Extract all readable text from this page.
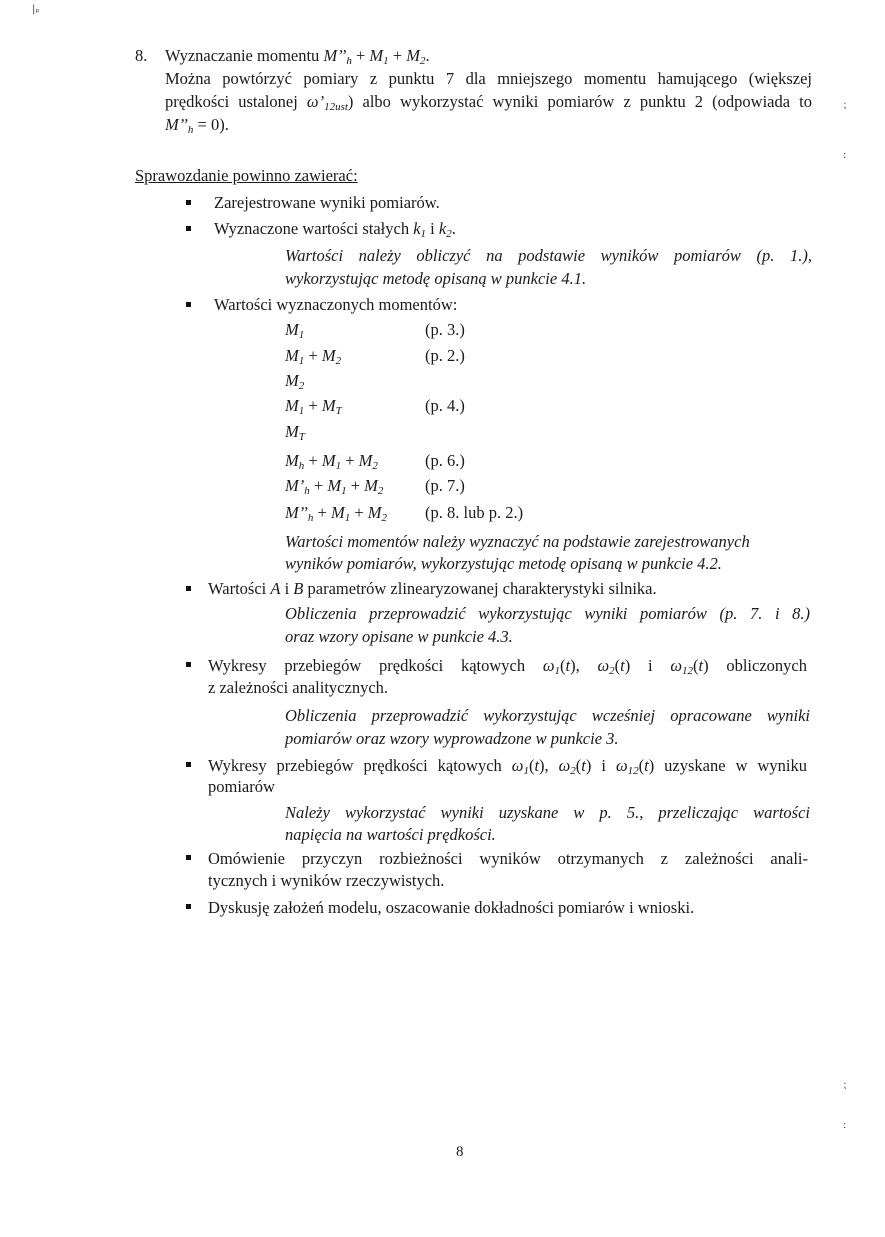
|ₚ
8. Wyznaczanie momentu $M’’_h + M_1 + M_2$.
Można powtórzyć pomiary z punktu 7 dla mniejszego momentu hamującego (większej
prędkości ustalonej $\omega’_{12ust}$) albo wykorzystać wyniki pomiarów z punktu 2 (odpowiada to
$M’’_h = 0$).
Sprawozdanie powinno zawierać:
Zarejestrowane wyniki pomiarów.
Wyznaczone wartości stałych $k_1$ i $k_2$.
Wartości należy obliczyć na podstawie wyników pomiarów (p. 1.),
wykorzystując metodę opisaną w punkcie 4.1.
Wartości wyznaczonych momentów:
$M_1$
$M_1 + M_2$
$M_2$
$M_1 + M_T$
$M_T$
$M_h + M_1 + M_2$
$M’_h + M_1 + M_2$
$M’’_h + M_1 + M_2$
(p. 3.)
(p. 2.)
(p. 4.)
(p. 6.)
(p. 7.)
(p. 8. lub p. 2.)
Wartości momentów należy wyznaczyć na podstawie zarejestrowanych
wyników pomiarów, wykorzystując metodę opisaną w punkcie 4.2.
Wartości A i B parametrów zlinearyzowanej charakterystyki silnika.
Obliczenia przeprowadzić wykorzystując wyniki pomiarów (p. 7. i 8.)
oraz wzory opisane w punkcie 4.3.
Wykresy przebiegów prędkości kątowych $\omega_1(t)$, $\omega_2(t)$ i $\omega_{12}(t)$ obliczonych
z zależności analitycznych.
Obliczenia przeprowadzić wykorzystując wcześniej opracowane wyniki
pomiarów oraz wzory wyprowadzone w punkcie 3.
Wykresy przebiegów prędkości kątowych $\omega_1(t)$, $\omega_2(t)$ i $\omega_{12}(t)$ uzyskane w wyniku
pomiarów
Należy wykorzystać wyniki uzyskane w p. 5., przeliczając wartości
napięcia na wartości prędkości.
Omówienie przyczyn rozbieżności wyników otrzymanych z zależności anali-
tycznych i wyników rzeczywistych.
Dyskusję założeń modelu, oszacowanie dokładności pomiarów i wnioski.
8
⁏
:
⁏
:
